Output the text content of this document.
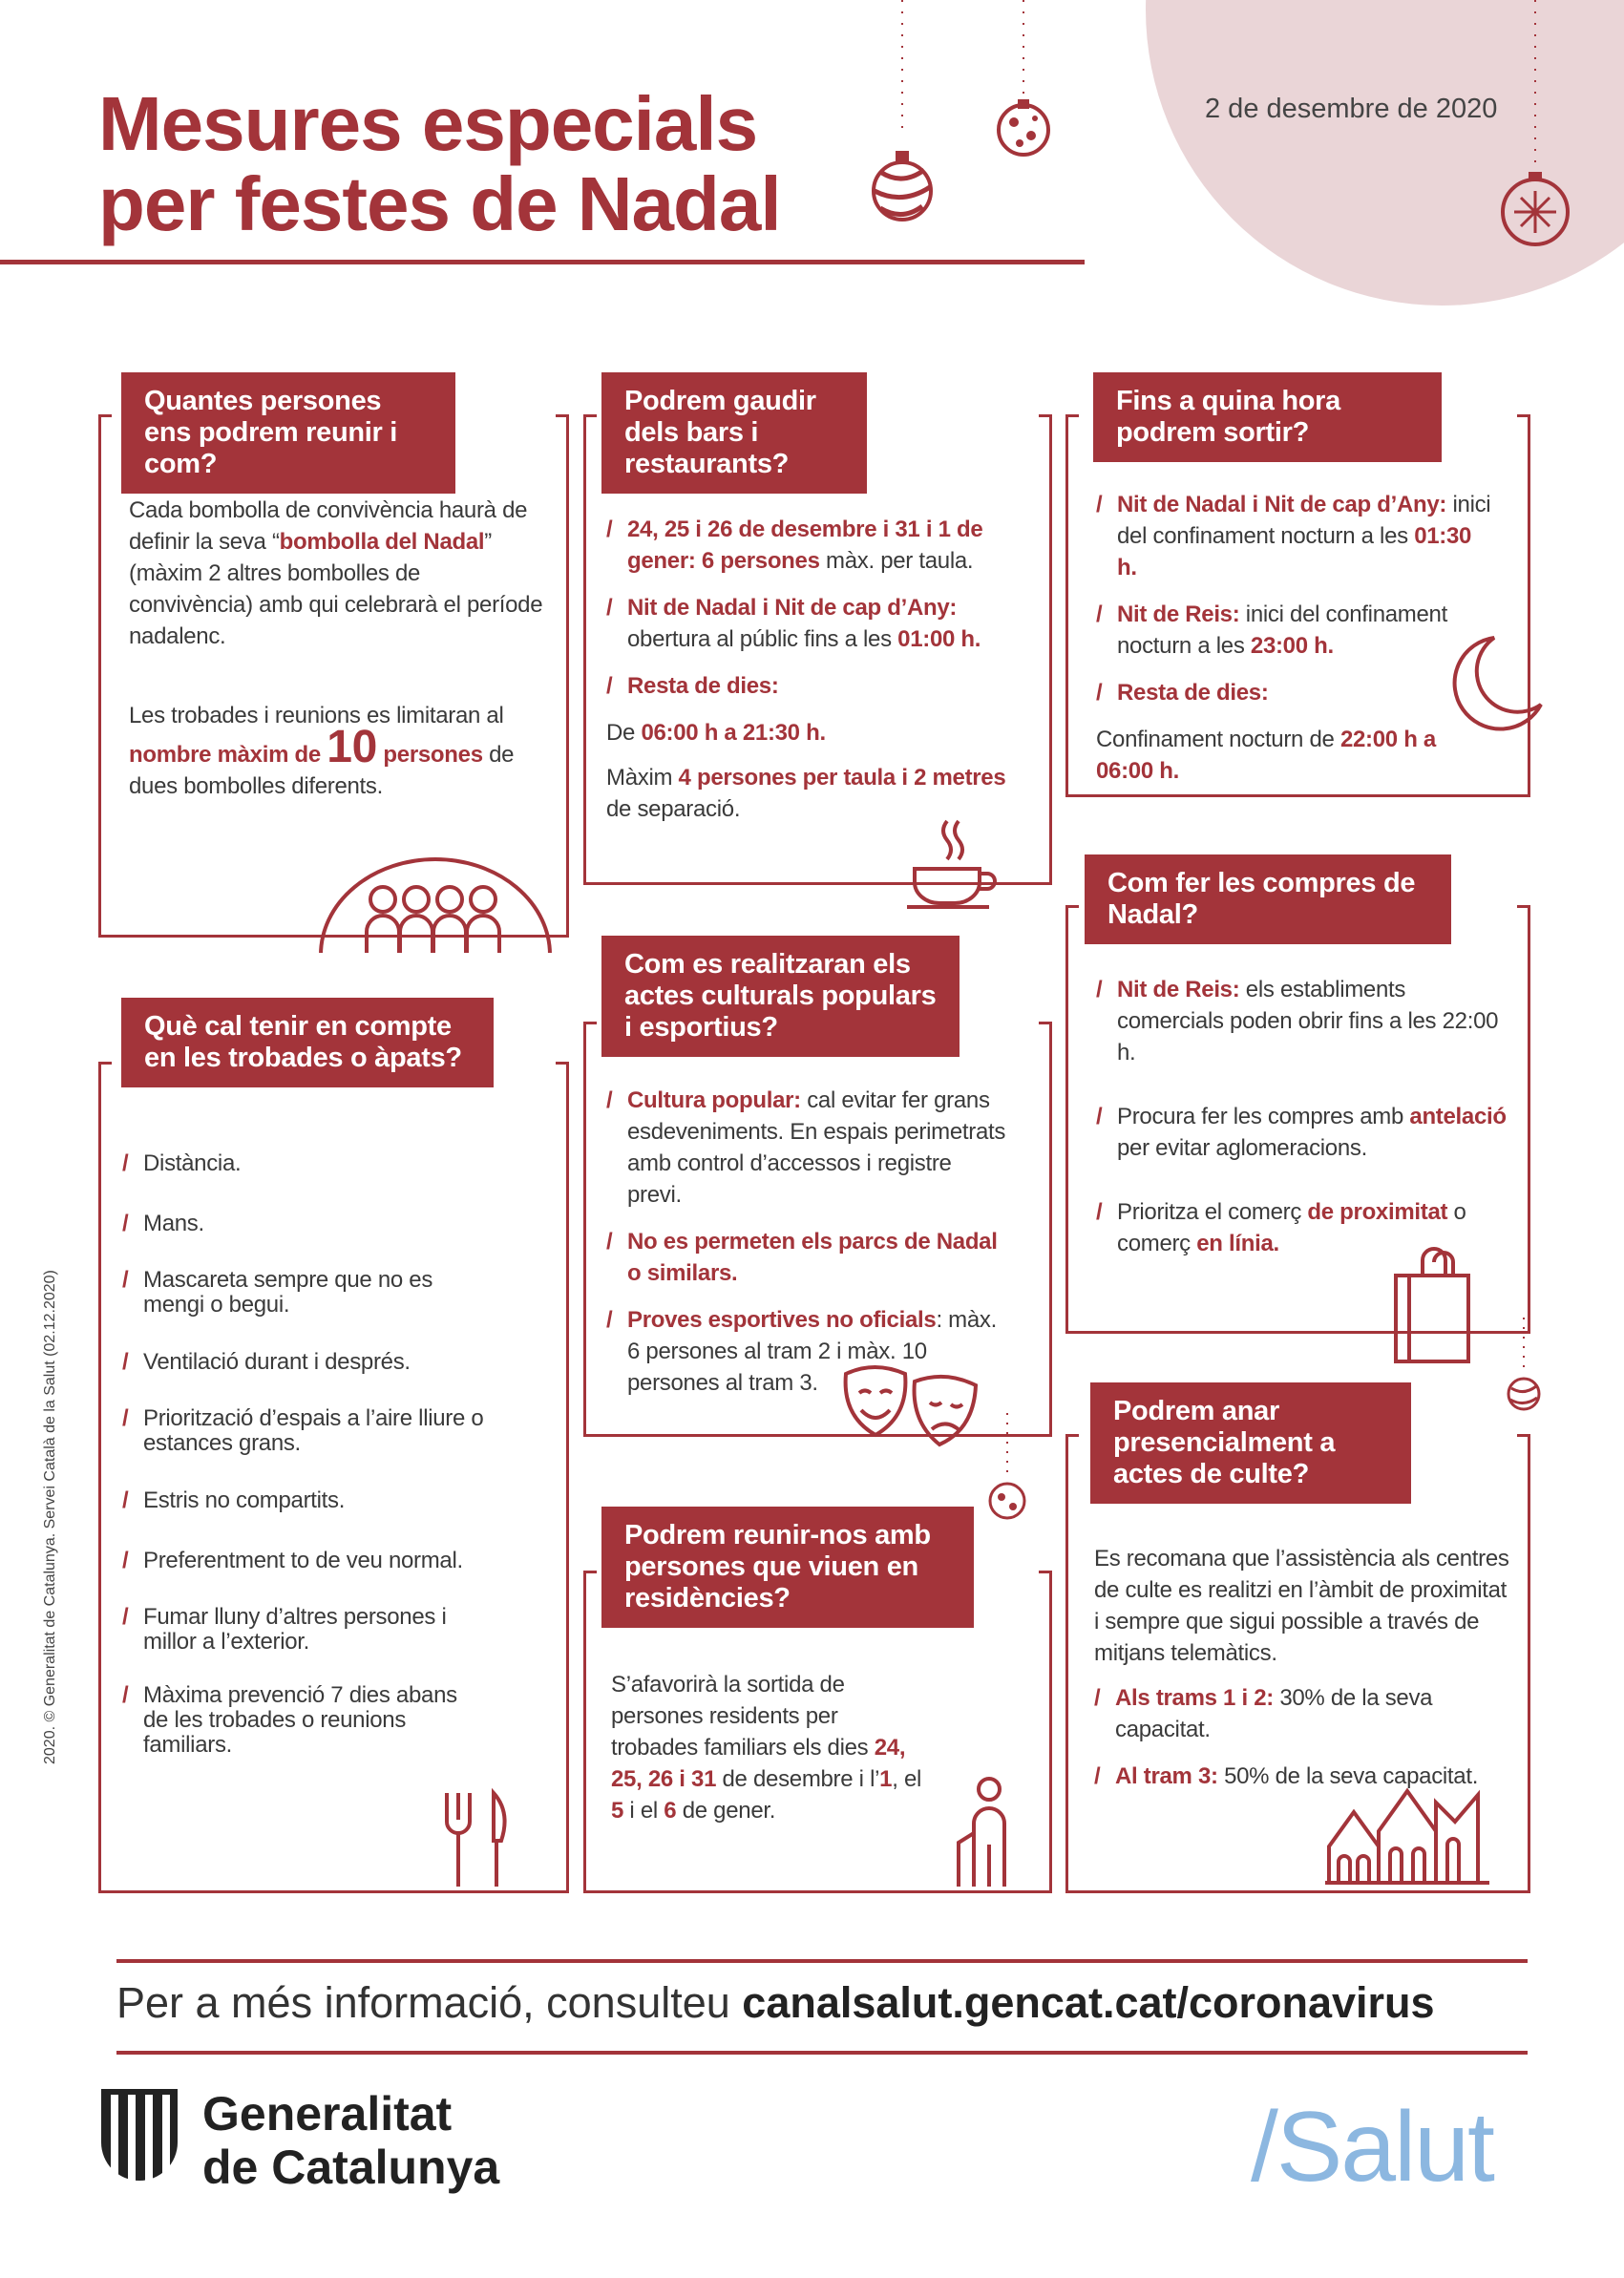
Mesures especials
per festes de Nadal
2 de desembre de 2020
Quantes persones ens podrem reunir i com?

Cada bombolla de convivència haurà de definir la seva “bombolla del Nadal” (màxim 2 altres bombolles de convivència) amb qui celebrarà el període nadalenc.

Les trobades i reunions es limitaran al nombre màxim de 10 persones de dues bombolles diferents.

Podrem gaudir dels bars i restaurants?
/ 24, 25 i 26 de desembre i 31 i 1 de gener: 6 persones màx. per taula.
/ Nit de Nadal i Nit de cap d’Any: obertura al públic fins a les 01:00 h.
/ Resta de dies:

De 06:00 h a 21:30 h.

Màxim 4 persones per taula i 2 metres de separació.

Fins a quina hora podrem sortir?
/ Nit de Nadal i Nit de cap d’Any: inici del confinament nocturn a les 01:30 h.
/ Nit de Reis: inici del confinament nocturn a les 23:00 h.
/ Resta de dies:

Confinament nocturn de 22:00 h a 06:00 h.

Què cal tenir en compte en les trobades o àpats?
/ Distància.
/ Mans.
/ Mascareta sempre que no es mengi o begui.
/ Ventilació durant i després.
/ Priorització d’espais a l’aire lliure o estances grans.
/ Estris no compartits.
/ Preferentment to de veu normal.
/ Fumar lluny d’altres persones i millor a l’exterior.
/ Màxima prevenció 7 dies abans de les trobades o reunions familiars.
Com es realitzaran els actes culturals populars i esportius?
/ Cultura popular: cal evitar fer grans esdeveniments. En espais perimetrats amb control d’accessos i registre previ.
/ No es permeten els parcs de Nadal o similars.
/ Proves esportives no oficials: màx. 6 persones al tram 2 i màx. 10 persones al tram 3.
Com fer les compres de Nadal?
/ Nit de Reis: els establiments comercials poden obrir fins a les 22:00 h.
/ Procura fer les compres amb antelació per evitar aglomeracions.
/ Prioritza el comerç de proximitat o comerç en línia.
Podrem reunir-nos amb persones que viuen en residències?

S’afavorirà la sortida de persones residents per trobades familiars els dies 24, 25, 26 i 31 de desembre i l’1, el 5 i el 6 de gener.

Podrem anar presencialment a actes de culte?

Es recomana que l’assistència als centres de culte es realitzi en l’àmbit de proximitat i sempre que sigui possible a través de mitjans telemàtics.

/ Als trams 1 i 2: 30% de la seva capacitat.
/ Al tram 3: 50% de la seva capacitat.
Per a més informació, consulteu canalsalut.gencat.cat/coronavirus
Generalitat
de Catalunya	/Salut
2020. © Generalitat de Catalunya. Servei Català de la Salut (02.12.2020)
